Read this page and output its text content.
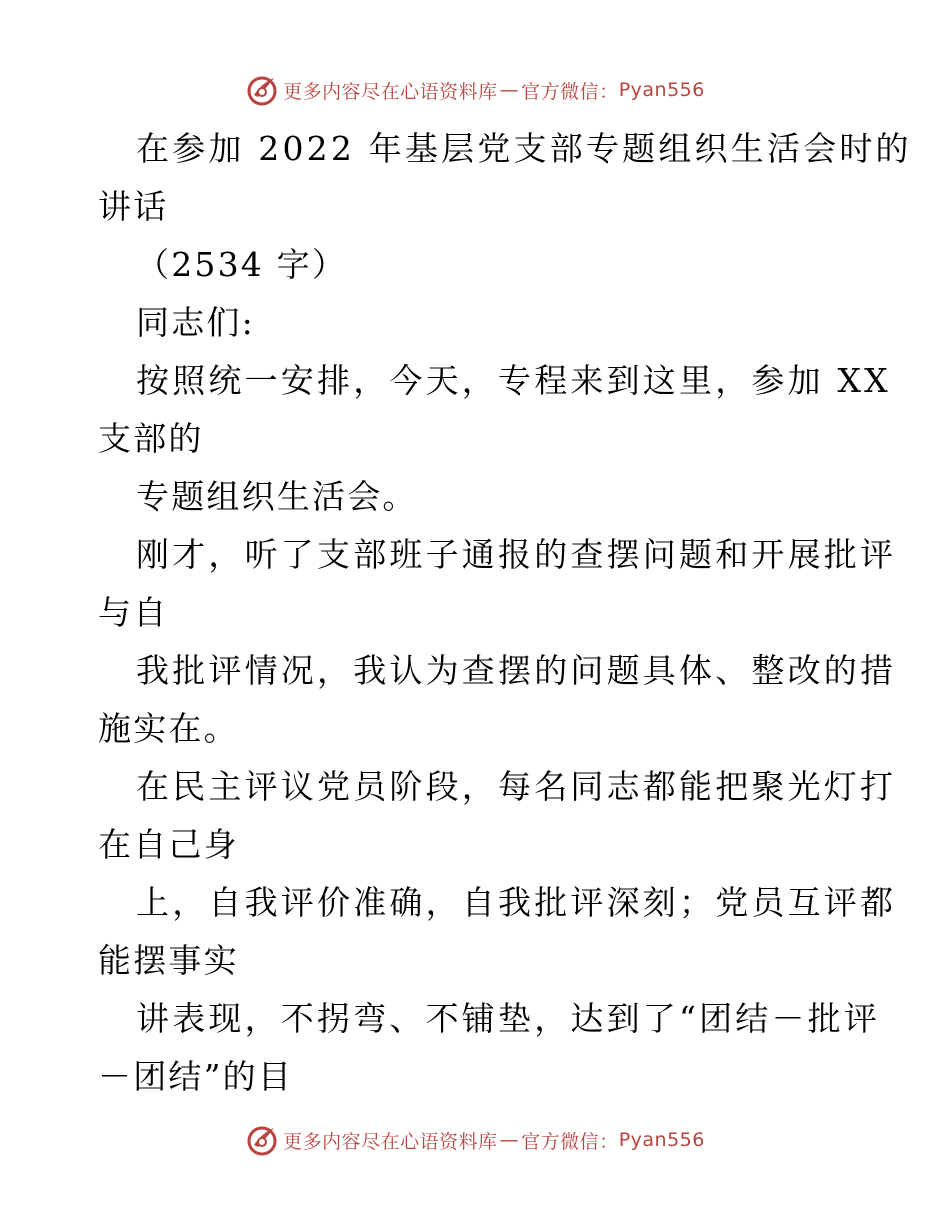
更多内容尽在心语资料库 — 官方微信： Pyan556
在参加 2022 年基层党支部专题组织生活会时的
讲话
（2534 字）
同志们:
按照统一安排，今天，专程来到这里，参加 XX
支部的
专题组织生活会。
刚才，听了支部班子通报的查摆问题和开展批评
与自
我批评情况，我认为查摆的问题具体、整改的措
施实在。
在民主评议党员阶段，每名同志都能把聚光灯打
在自己身
上，自我评价准确，自我批评深刻；党员互评都
能摆事实
讲表现，不拐弯、不铺垫，达到了“团结－批评
－团结”的目
更多内容尽在心语资料库 — 官方微信： Pyan556
